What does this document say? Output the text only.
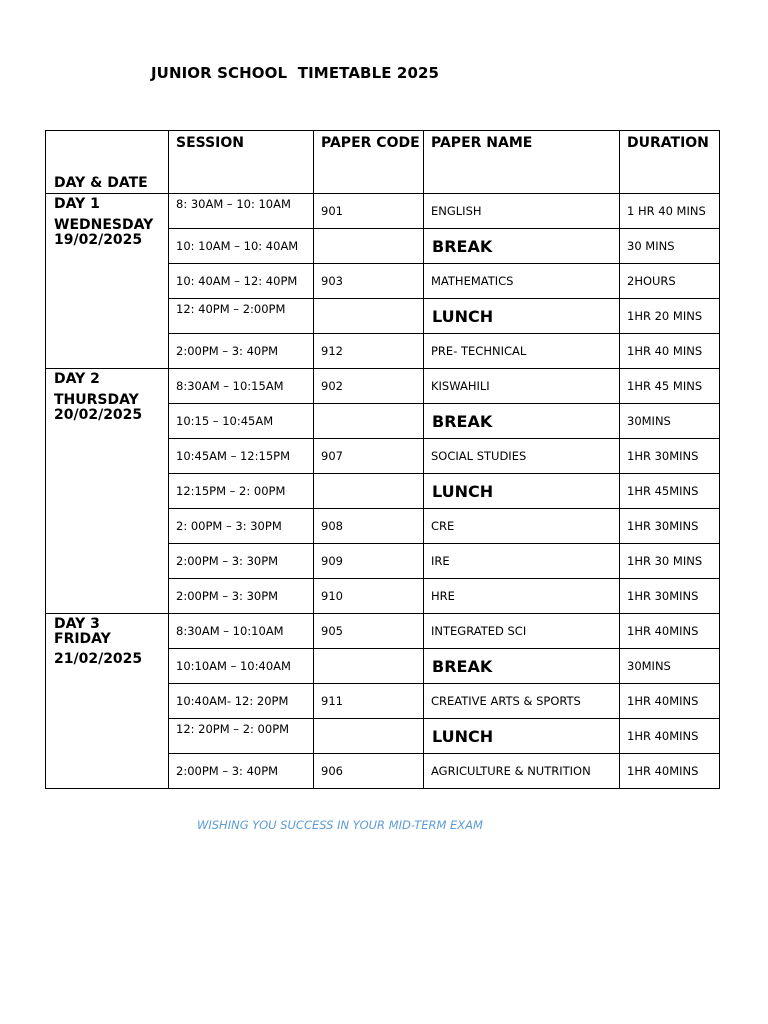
JUNIOR SCHOOL  TIMETABLE 2025
DAY & DATE	SESSION	PAPER CODE	PAPER NAME	DURATION

DAY 1
WEDNESDAY
19/02/2025	8: 30AM – 10: 10AM	901	ENGLISH	1 HR 40 MINS

	10: 10AM – 10: 40AM		BREAK	30 MINS

	10: 40AM – 12: 40PM	903	MATHEMATICS	2HOURS

	12: 40PM – 2:00PM		LUNCH	1HR 20 MINS

	2:00PM – 3: 40PM	912	PRE- TECHNICAL	1HR 40 MINS

DAY 2
THURSDAY
20/02/2025	8:30AM – 10:15AM	902	KISWAHILI	1HR 45 MINS

	10:15 – 10:45AM		BREAK	30MINS

	10:45AM – 12:15PM	907	SOCIAL STUDIES	1HR 30MINS

	12:15PM – 2: 00PM		LUNCH	1HR 45MINS

	2: 00PM – 3: 30PM	908	CRE	1HR 30MINS

	2:00PM – 3: 30PM	909	IRE	1HR 30 MINS

	2:00PM – 3: 30PM	910	HRE	1HR 30MINS

DAY 3
FRIDAY
21/02/2025	8:30AM – 10:10AM	905	INTEGRATED SCI	1HR 40MINS

	10:10AM – 10:40AM		BREAK	30MINS

	10:40AM- 12: 20PM	911	CREATIVE ARTS & SPORTS	1HR 40MINS

	12: 20PM – 2: 00PM		LUNCH	1HR 40MINS

	2:00PM – 3: 40PM	906	AGRICULTURE & NUTRITION	1HR 40MINS
WISHING YOU SUCCESS IN YOUR MID-TERM EXAM
